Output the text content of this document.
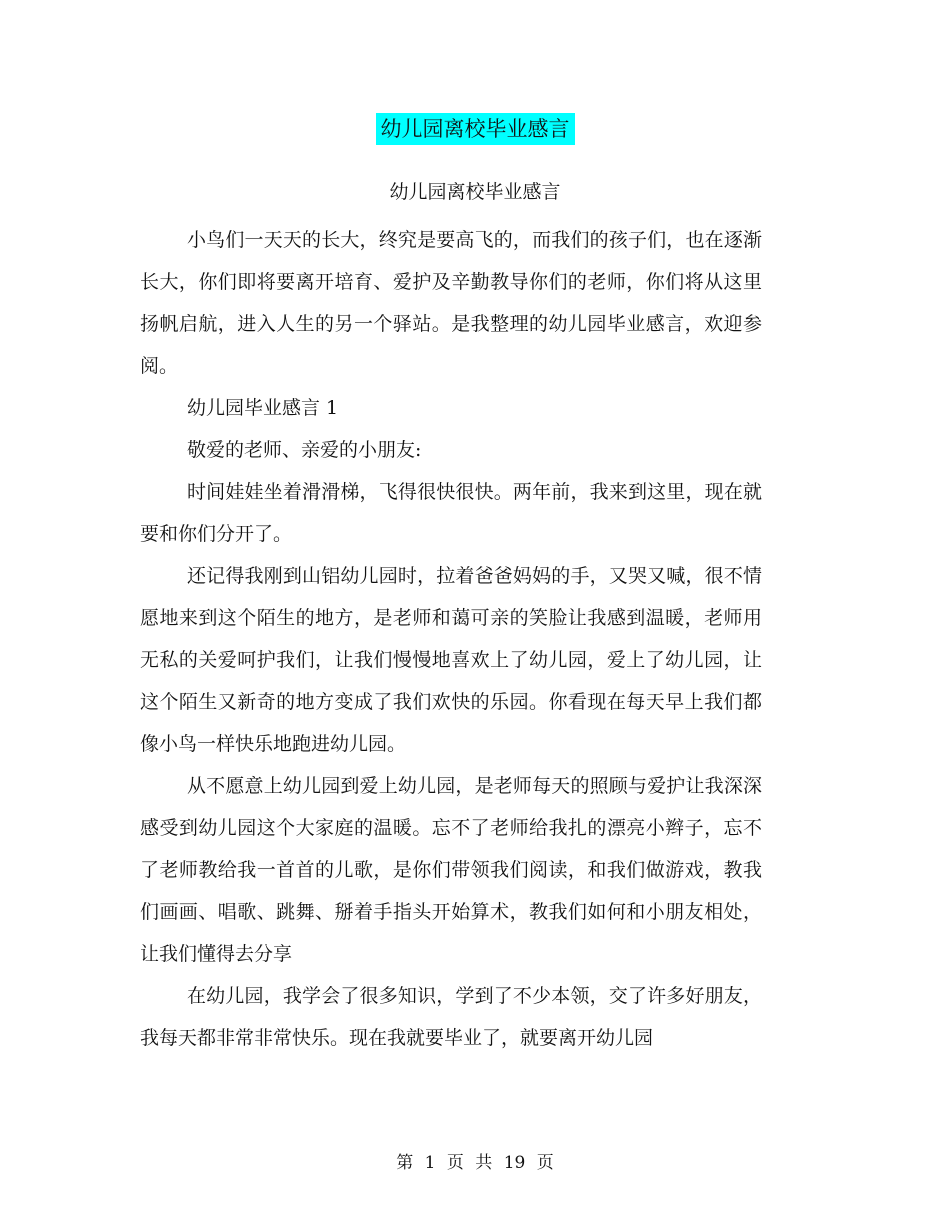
幼儿园离校毕业感言
幼儿园离校毕业感言

小鸟们一天天的长大，终究是要高飞的，而我们的孩子们，也在逐渐长大，你们即将要离开培育、爱护及辛勤教导你们的老师，你们将从这里扬帆启航，进入人生的另一个驿站。是我整理的幼儿园毕业感言，欢迎参阅。

幼儿园毕业感言 1

敬爱的老师、亲爱的小朋友:

时间娃娃坐着滑滑梯，飞得很快很快。两年前，我来到这里，现在就要和你们分开了。

还记得我刚到山铝幼儿园时，拉着爸爸妈妈的手，又哭又喊，很不情愿地来到这个陌生的地方，是老师和蔼可亲的笑脸让我感到温暖，老师用无私的关爱呵护我们，让我们慢慢地喜欢上了幼儿园，爱上了幼儿园，让这个陌生又新奇的地方变成了我们欢快的乐园。你看现在每天早上我们都像小鸟一样快乐地跑进幼儿园。

从不愿意上幼儿园到爱上幼儿园，是老师每天的照顾与爱护让我深深感受到幼儿园这个大家庭的温暖。忘不了老师给我扎的漂亮小辫子，忘不了老师教给我一首首的儿歌，是你们带领我们阅读，和我们做游戏，教我们画画、唱歌、跳舞、掰着手指头开始算术，教我们如何和小朋友相处，让我们懂得去分享

在幼儿园，我学会了很多知识，学到了不少本领，交了许多好朋友，我每天都非常非常快乐。现在我就要毕业了，就要离开幼儿园

第 1 页 共 19 页
